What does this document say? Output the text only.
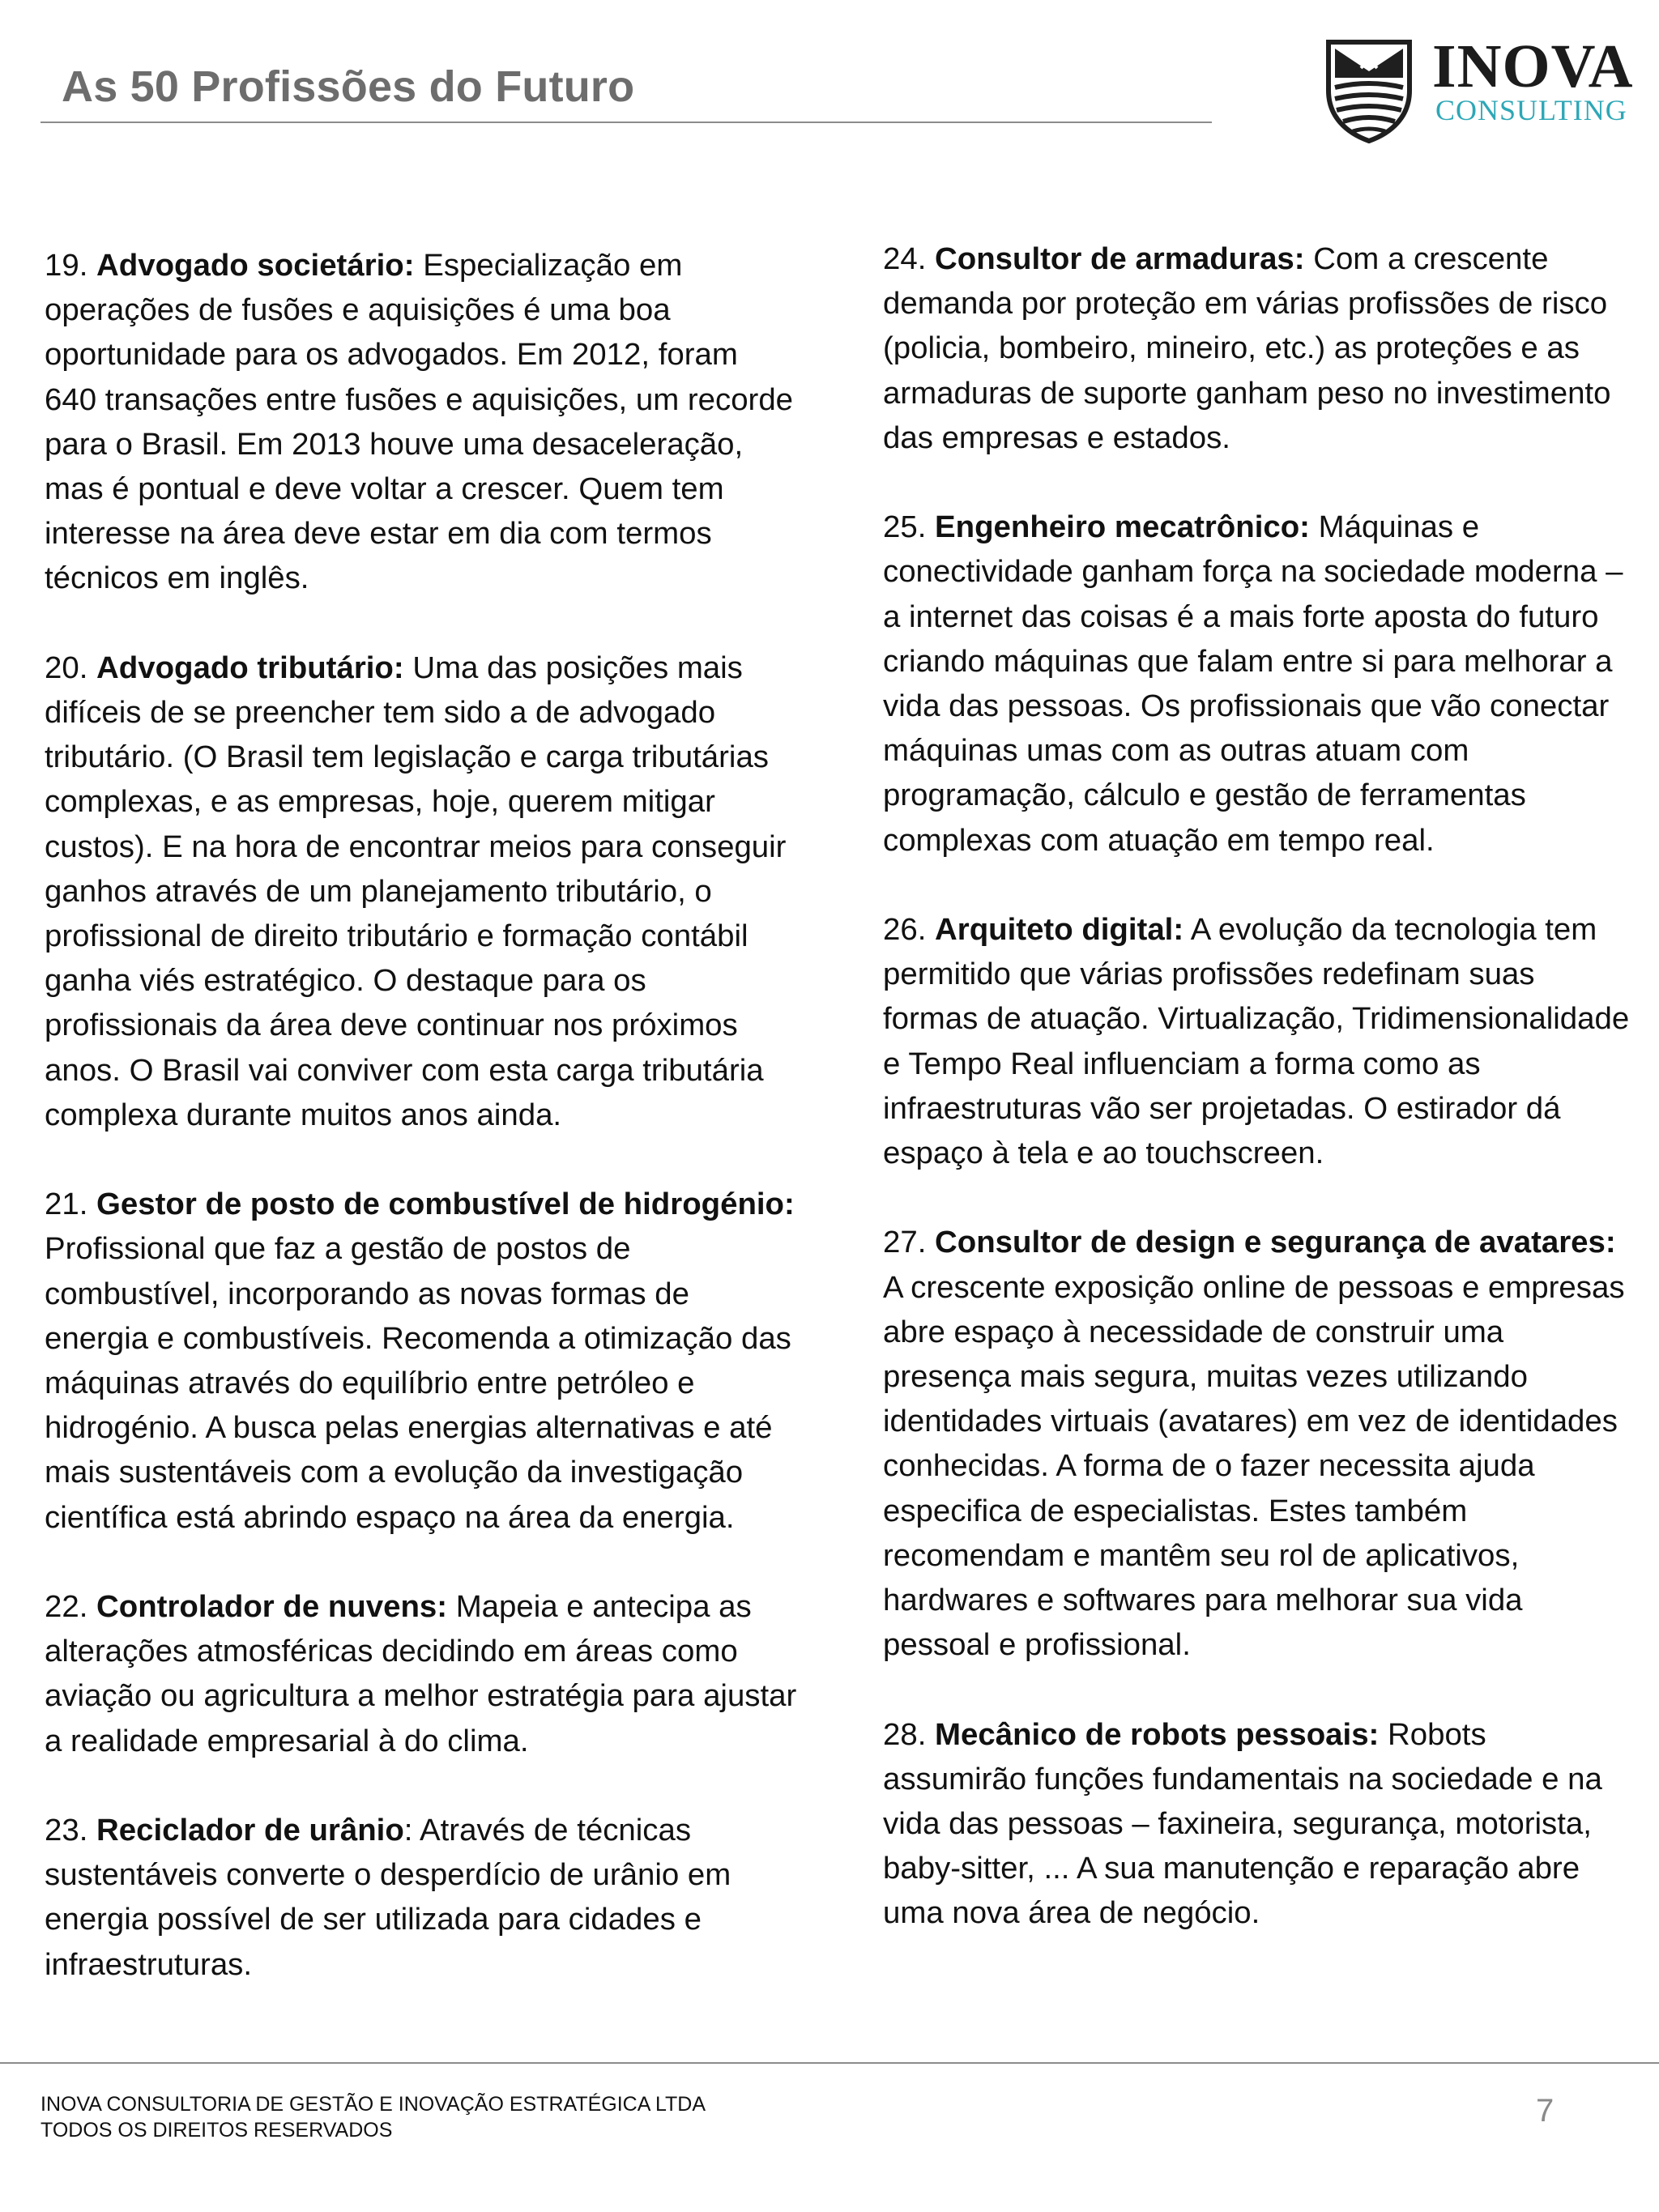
As 50 Profissões do Futuro	INOVA
CONSULTING

19. Advogado societário: Especialização em operações de fusões e aquisições é uma boa oportunidade para os advogados. Em 2012, foram 640 transações entre fusões e aquisições, um recorde para o Brasil. Em 2013 houve uma desaceleração, mas é pontual e deve voltar a crescer. Quem tem interesse na área deve estar em dia com termos técnicos em inglês.

20. Advogado tributário: Uma das posições mais difíceis de se preencher tem sido a de advogado tributário. (O Brasil tem legislação e carga tributárias complexas, e as empresas, hoje, querem mitigar custos). E na hora de encontrar meios para conseguir ganhos através de um planejamento tributário, o profissional de direito tributário e formação contábil ganha viés estratégico. O destaque para os profissionais da área deve continuar nos próximos anos. O Brasil vai conviver com esta carga tributária complexa durante muitos anos ainda.

21. Gestor de posto de combustível de hidrogénio: Profissional que faz a gestão de postos de combustível, incorporando as novas formas de energia e combustíveis. Recomenda a otimização das máquinas através do equilíbrio entre petróleo e hidrogénio. A busca pelas energias alternativas e até mais sustentáveis com a evolução da investigação científica está abrindo espaço na área da energia.

22. Controlador de nuvens: Mapeia e antecipa as alterações atmosféricas decidindo em áreas como aviação ou agricultura a melhor estratégia para ajustar a realidade empresarial à do clima.

23. Reciclador de urânio: Através de técnicas sustentáveis converte o desperdício de urânio em energia possível de ser utilizada para cidades e infraestruturas.

24. Consultor de armaduras: Com a crescente demanda por proteção em várias profissões de risco (policia, bombeiro, mineiro, etc.) as proteções e as armaduras de suporte ganham peso no investimento das empresas e estados.

25. Engenheiro mecatrônico: Máquinas e conectividade ganham força na sociedade moderna – a internet das coisas é a mais forte aposta do futuro criando máquinas que falam entre si para melhorar a vida das pessoas. Os profissionais que vão conectar máquinas umas com as outras atuam com programação, cálculo e gestão de ferramentas complexas com atuação em tempo real.

26. Arquiteto digital: A evolução da tecnologia tem permitido que várias profissões redefinam suas formas de atuação. Virtualização, Tridimensionalidade e Tempo Real influenciam a forma como as infraestruturas vão ser projetadas. O estirador dá espaço à tela e ao touchscreen.

27. Consultor de design e segurança de avatares: A crescente exposição online de pessoas e empresas abre espaço à necessidade de construir uma presença mais segura, muitas vezes utilizando identidades virtuais (avatares) em vez de identidades conhecidas. A forma de o fazer necessita ajuda especifica de especialistas. Estes também recomendam e mantêm seu rol de aplicativos, hardwares e softwares para melhorar sua vida pessoal e profissional.

28. Mecânico de robots pessoais: Robots assumirão funções fundamentais na sociedade e na vida das pessoas – faxineira, segurança, motorista, baby-sitter, ... A sua manutenção e reparação abre uma nova área de negócio.

INOVA CONSULTORIA DE GESTÃO E INOVAÇÃO ESTRATÉGICA LTDA
TODOS OS DIREITOS RESERVADOS
7
